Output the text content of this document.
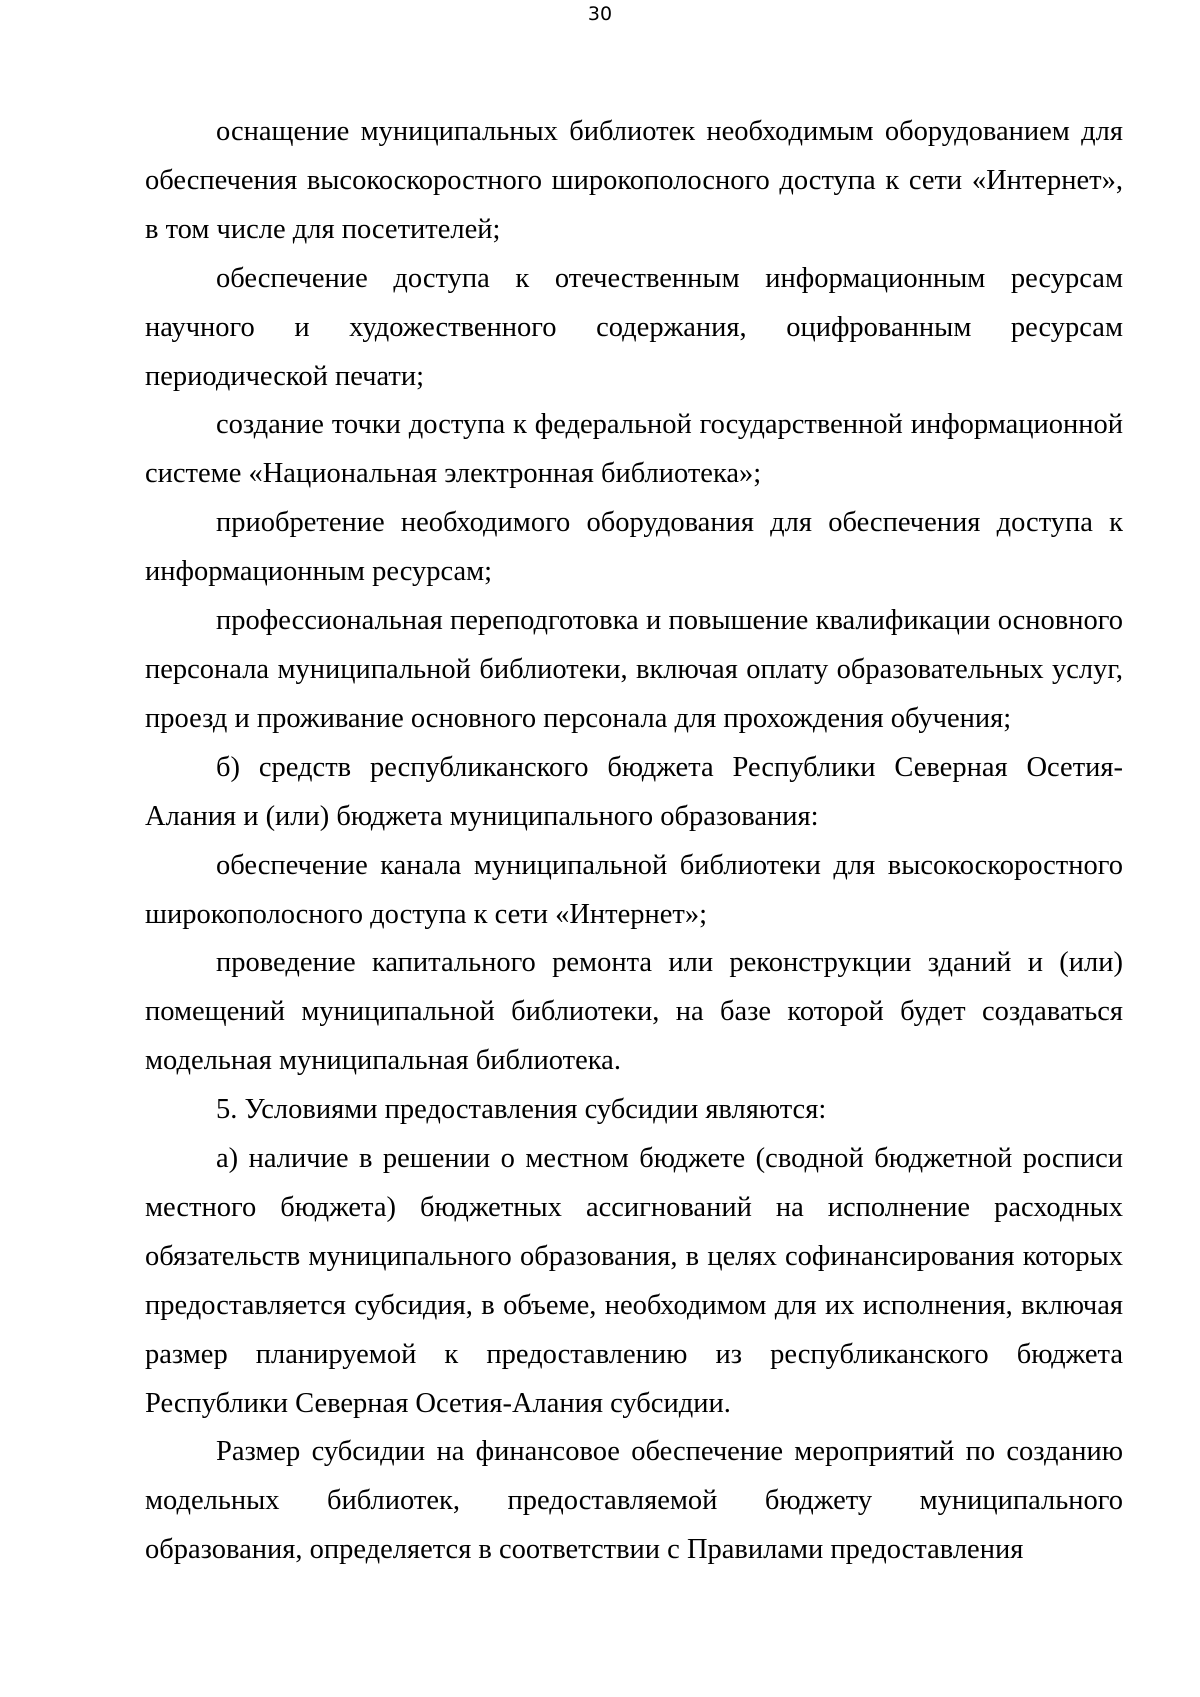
30

оснащение муниципальных библиотек необходимым оборудованием для обеспечения высокоскоростного широкополосного доступа к сети «Интернет», в том числе для посетителей;

обеспечение доступа к отечественным информационным ресурсам научного и художественного содержания, оцифрованным ресурсам периодической печати;

создание точки доступа к федеральной государственной информационной системе «Национальная электронная библиотека»;

приобретение необходимого оборудования для обеспечения доступа к информационным ресурсам;

профессиональная переподготовка и повышение квалификации основного персонала муниципальной библиотеки, включая оплату образовательных услуг, проезд и проживание основного персонала для прохождения обучения;

б) средств республиканского бюджета Республики Северная Осетия-Алания и (или) бюджета муниципального образования:

обеспечение канала муниципальной библиотеки для высокоскоростного широкополосного доступа к сети «Интернет»;

проведение капитального ремонта или реконструкции зданий и (или) помещений муниципальной библиотеки, на базе которой будет создаваться модельная муниципальная библиотека.

5. Условиями предоставления субсидии являются:

а) наличие в решении о местном бюджете (сводной бюджетной росписи местного бюджета) бюджетных ассигнований на исполнение расходных обязательств муниципального образования, в целях софинансирования которых предоставляется субсидия, в объеме, необходимом для их исполнения, включая размер планируемой к предоставлению из республиканского бюджета Республики Северная Осетия-Алания субсидии.

Размер субсидии на финансовое обеспечение мероприятий по созданию модельных библиотек, предоставляемой бюджету муниципального образования, определяется в соответствии с Правилами предоставления
